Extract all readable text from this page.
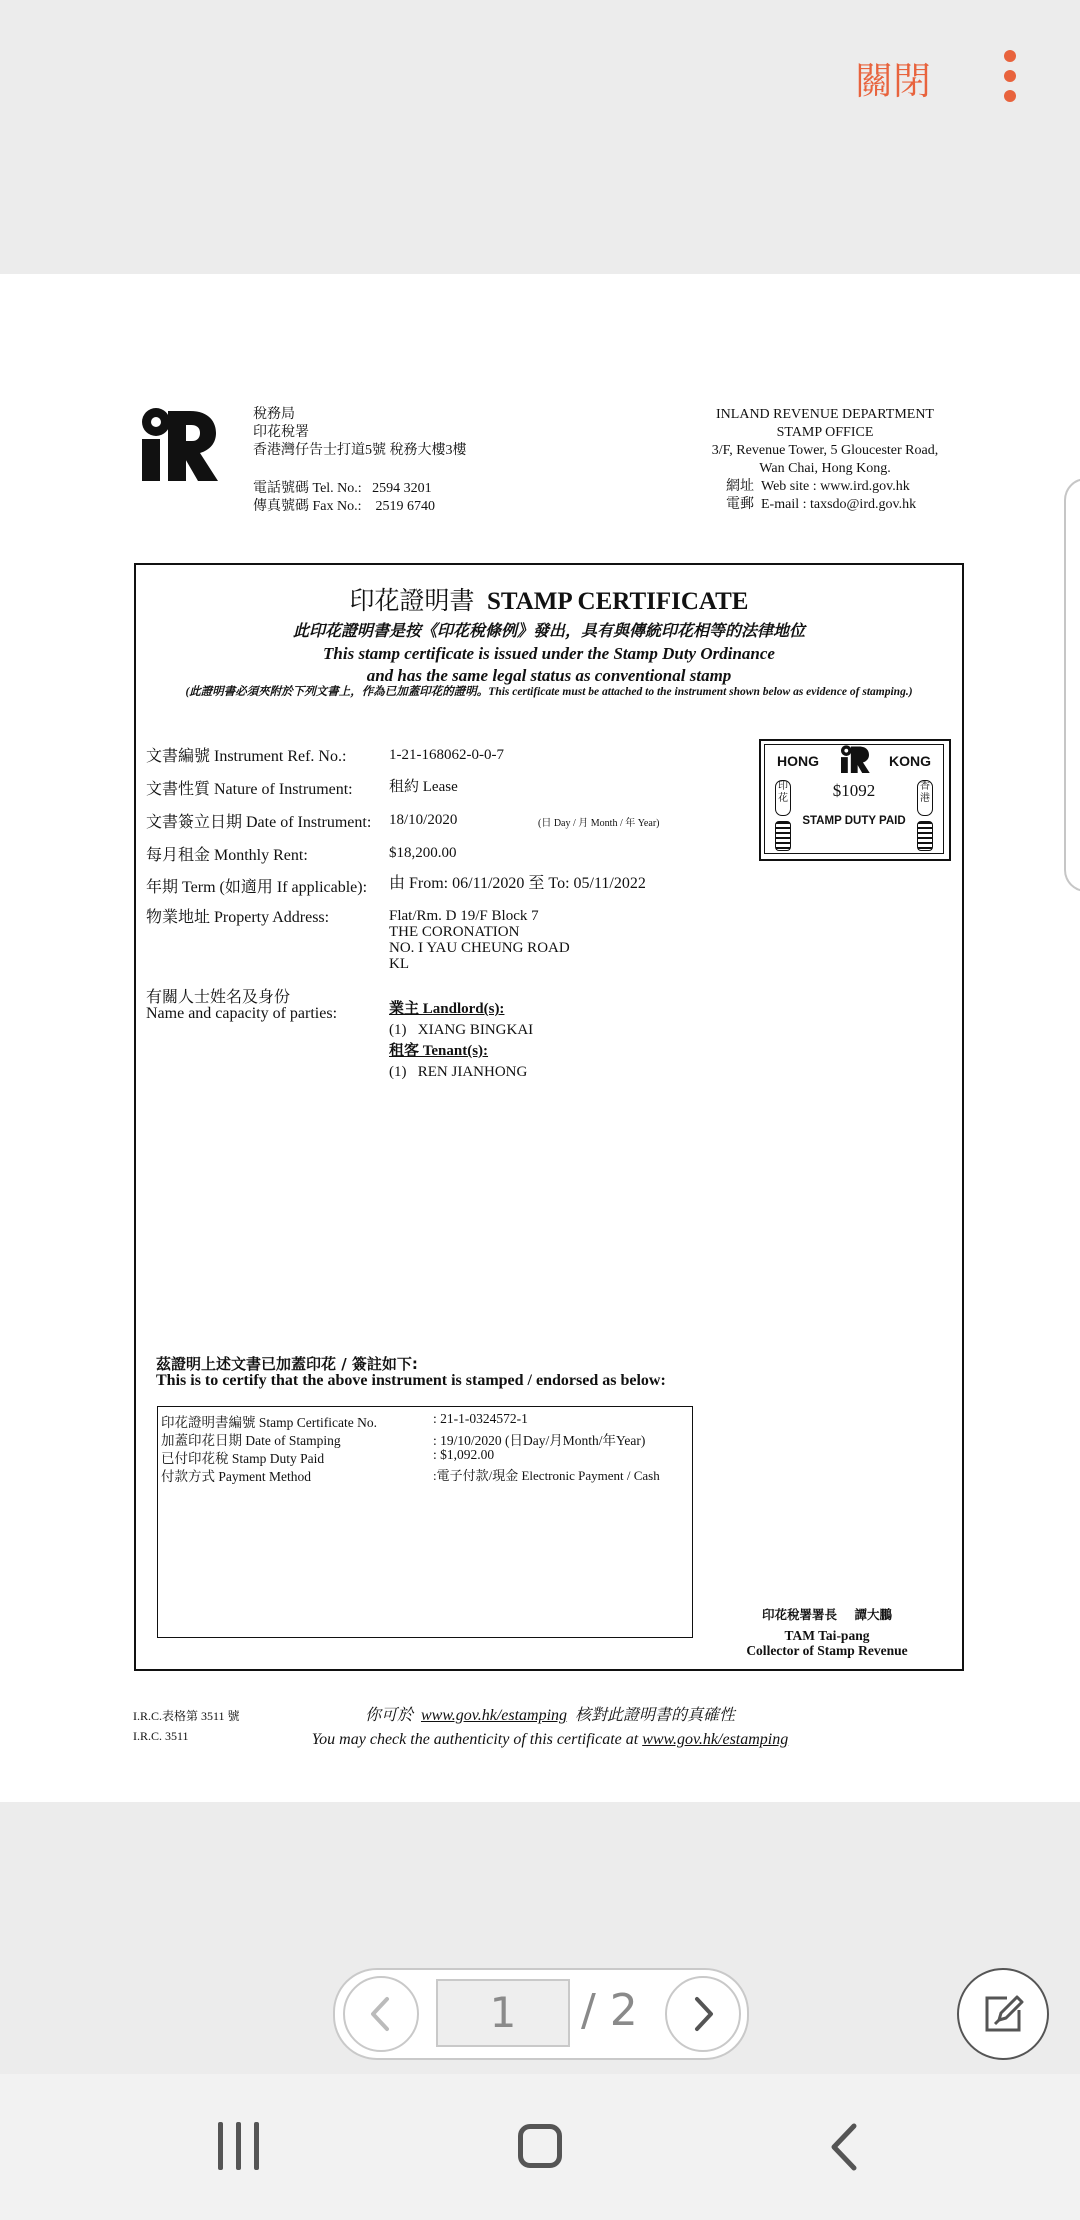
關閉
稅務局
印花稅署
香港灣仔告士打道5號 稅務大樓3樓
電話號碼 Tel. No.:   2594 3201
傳真號碼 Fax No.:    2519 6740
INLAND REVENUE DEPARTMENT
STAMP OFFICE
3/F, Revenue Tower, 5 Gloucester Road,
Wan Chai, Hong Kong.
網址  Web site : www.ird.gov.hk
電郵  E-mail : taxsdo@ird.gov.hk
印花證明書 STAMP CERTIFICATE
此印花證明書是按《印花稅條例》發出，具有與傳統印花相等的法律地位
This stamp certificate is issued under the Stamp Duty Ordinance
and has the same legal status as conventional stamp
(此證明書必須夾附於下列文書上，作為已加蓋印花的證明。This certificate must be attached to the instrument shown below as evidence of stamping.)
文書編號 Instrument Ref. No.:	1-21-168062-0-0-7
文書性質 Nature of Instrument: 租約 Lease
文書簽立日期 Date of Instrument: 18/10/2020	(日 Day / 月 Month / 年 Year)
每月租金 Monthly Rent:	$18,200.00
年期 Term (如適用 If applicable): 由 From: 06/11/2020 至 To: 05/11/2022
物業地址 Property Address:	Flat/Rm. D 19/F Block 7
THE CORONATION
NO. I YAU CHEUNG ROAD
KL
有關人士姓名及身份
Name and capacity of parties:	業主 Landlord(s):
(1)   XIANG BINGKAI
租客 Tenant(s):
(1)   REN JIANHONG
HONG	KONG
$1092
STAMP DUTY PAID
印花
香港
茲證明上述文書已加蓋印花 / 簽註如下:
This is to certify that the above instrument is stamped / endorsed as below:
印花證明書編號 Stamp Certificate No.	: 21-1-0324572-1
加蓋印花日期 Date of Stamping	: 19/10/2020 (日Day/月Month/年Year)
已付印花稅 Stamp Duty Paid	: $1,092.00
付款方式 Payment Method	:電子付款/現金 Electronic Payment / Cash
印花稅署署長    譚大鵬
TAM Tai-pang
Collector of Stamp Revenue
I.R.C.表格第 3511 號
I.R.C. 3511
你可於 www.gov.hk/estamping 核對此證明書的真確性
You may check the authenticity of this certificate at www.gov.hk/estamping
1	/ 2
